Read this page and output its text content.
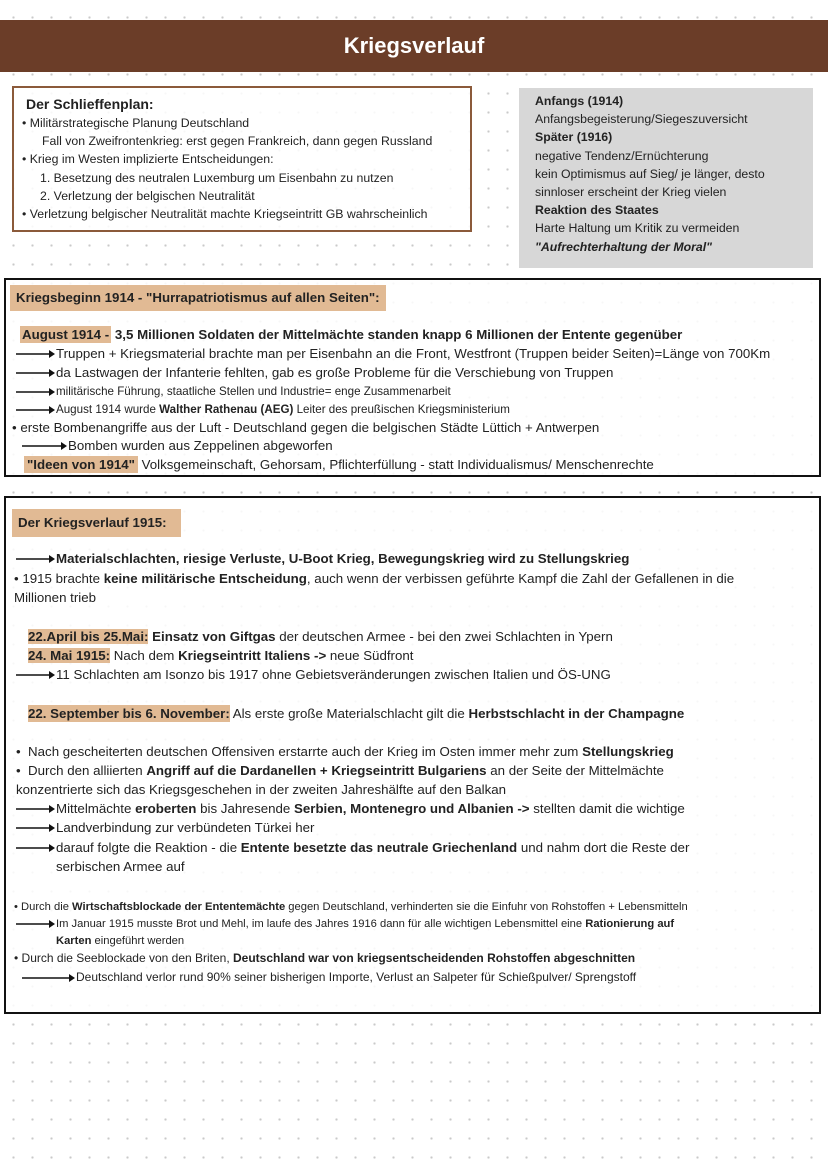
Kriegsverlauf
Der Schlieffenplan:
• Militärstrategische Planung Deutschland
Fall von Zweifrontenkrieg: erst gegen Frankreich, dann gegen Russland
• Krieg im Westen implizierte Entscheidungen:
1. Besetzung des neutralen Luxemburg um Eisenbahn zu nutzen
2. Verletzung der belgischen Neutralität
• Verletzung belgischer Neutralität machte Kriegseintritt GB wahrscheinlich
Anfangs (1914)
Anfangsbegeisterung/Siegeszuversicht
Später (1916)
negative Tendenz/Ernüchterung
kein Optimismus auf Sieg/ je länger, desto
sinnloser erscheint der Krieg vielen
Reaktion des Staates
Harte Haltung um Kritik zu vermeiden
"Aufrechterhaltung der Moral"
Kriegsbeginn 1914 - "Hurrapatriotismus auf allen Seiten":
August 1914 - 3,5 Millionen Soldaten der Mittelmächte standen knapp 6 Millionen der Entente gegenüber
Truppen + Kriegsmaterial brachte man per Eisenbahn an die Front, Westfront (Truppen beider Seiten)=Länge von 700Km
da Lastwagen der Infanterie fehlten, gab es große Probleme für die Verschiebung von Truppen
militärische Führung, staatliche Stellen und Industrie= enge Zusammenarbeit
August 1914 wurde Walther Rathenau (AEG) Leiter des preußischen Kriegsministerium
• erste Bombenangriffe aus der Luft - Deutschland gegen die belgischen Städte Lüttich + Antwerpen
Bomben wurden aus Zeppelinen abgeworfen
"Ideen von 1914" Volksgemeinschaft, Gehorsam, Pflichterfüllung - statt Individualismus/ Menschenrechte
Der Kriegsverlauf 1915:
Materialschlachten, riesige Verluste, U-Boot Krieg, Bewegungskrieg wird zu Stellungskrieg
• 1915 brachte keine militärische Entscheidung, auch wenn der verbissen geführte Kampf die Zahl der Gefallenen in die
Millionen trieb
22.April bis 25.Mai: Einsatz von Giftgas der deutschen Armee - bei den zwei Schlachten in Ypern
24. Mai 1915: Nach dem Kriegseintritt Italiens -> neue Südfront
11 Schlachten am Isonzo bis 1917 ohne Gebietsveränderungen zwischen Italien und ÖS-UNG
22. September bis 6. November: Als erste große Materialschlacht gilt die Herbstschlacht in der Champagne
•  Nach gescheiterten deutschen Offensiven erstarrte auch der Krieg im Osten immer mehr zum Stellungskrieg
•  Durch den alliierten Angriff auf die Dardanellen + Kriegseintritt Bulgariens an der Seite der Mittelmächte
konzentrierte sich das Kriegsgeschehen in der zweiten Jahreshälfte auf den Balkan
Mittelmächte eroberten bis Jahresende Serbien, Montenegro und Albanien -> stellten damit die wichtige
Landverbindung zur verbündeten Türkei her
darauf folgte die Reaktion - die Entente besetzte das neutrale Griechenland und nahm dort die Reste der
serbischen Armee auf
• Durch die Wirtschaftsblockade der Ententemächte gegen Deutschland, verhinderten sie die Einfuhr von Rohstoffen + Lebensmitteln
Im Januar 1915 musste Brot und Mehl, im laufe des Jahres 1916 dann für alle wichtigen Lebensmittel eine Rationierung auf
Karten eingeführt werden
• Durch die Seeblockade von den Briten, Deutschland war von kriegsentscheidenden Rohstoffen abgeschnitten
Deutschland verlor rund 90% seiner bisherigen Importe, Verlust an Salpeter für Schießpulver/ Sprengstoff
